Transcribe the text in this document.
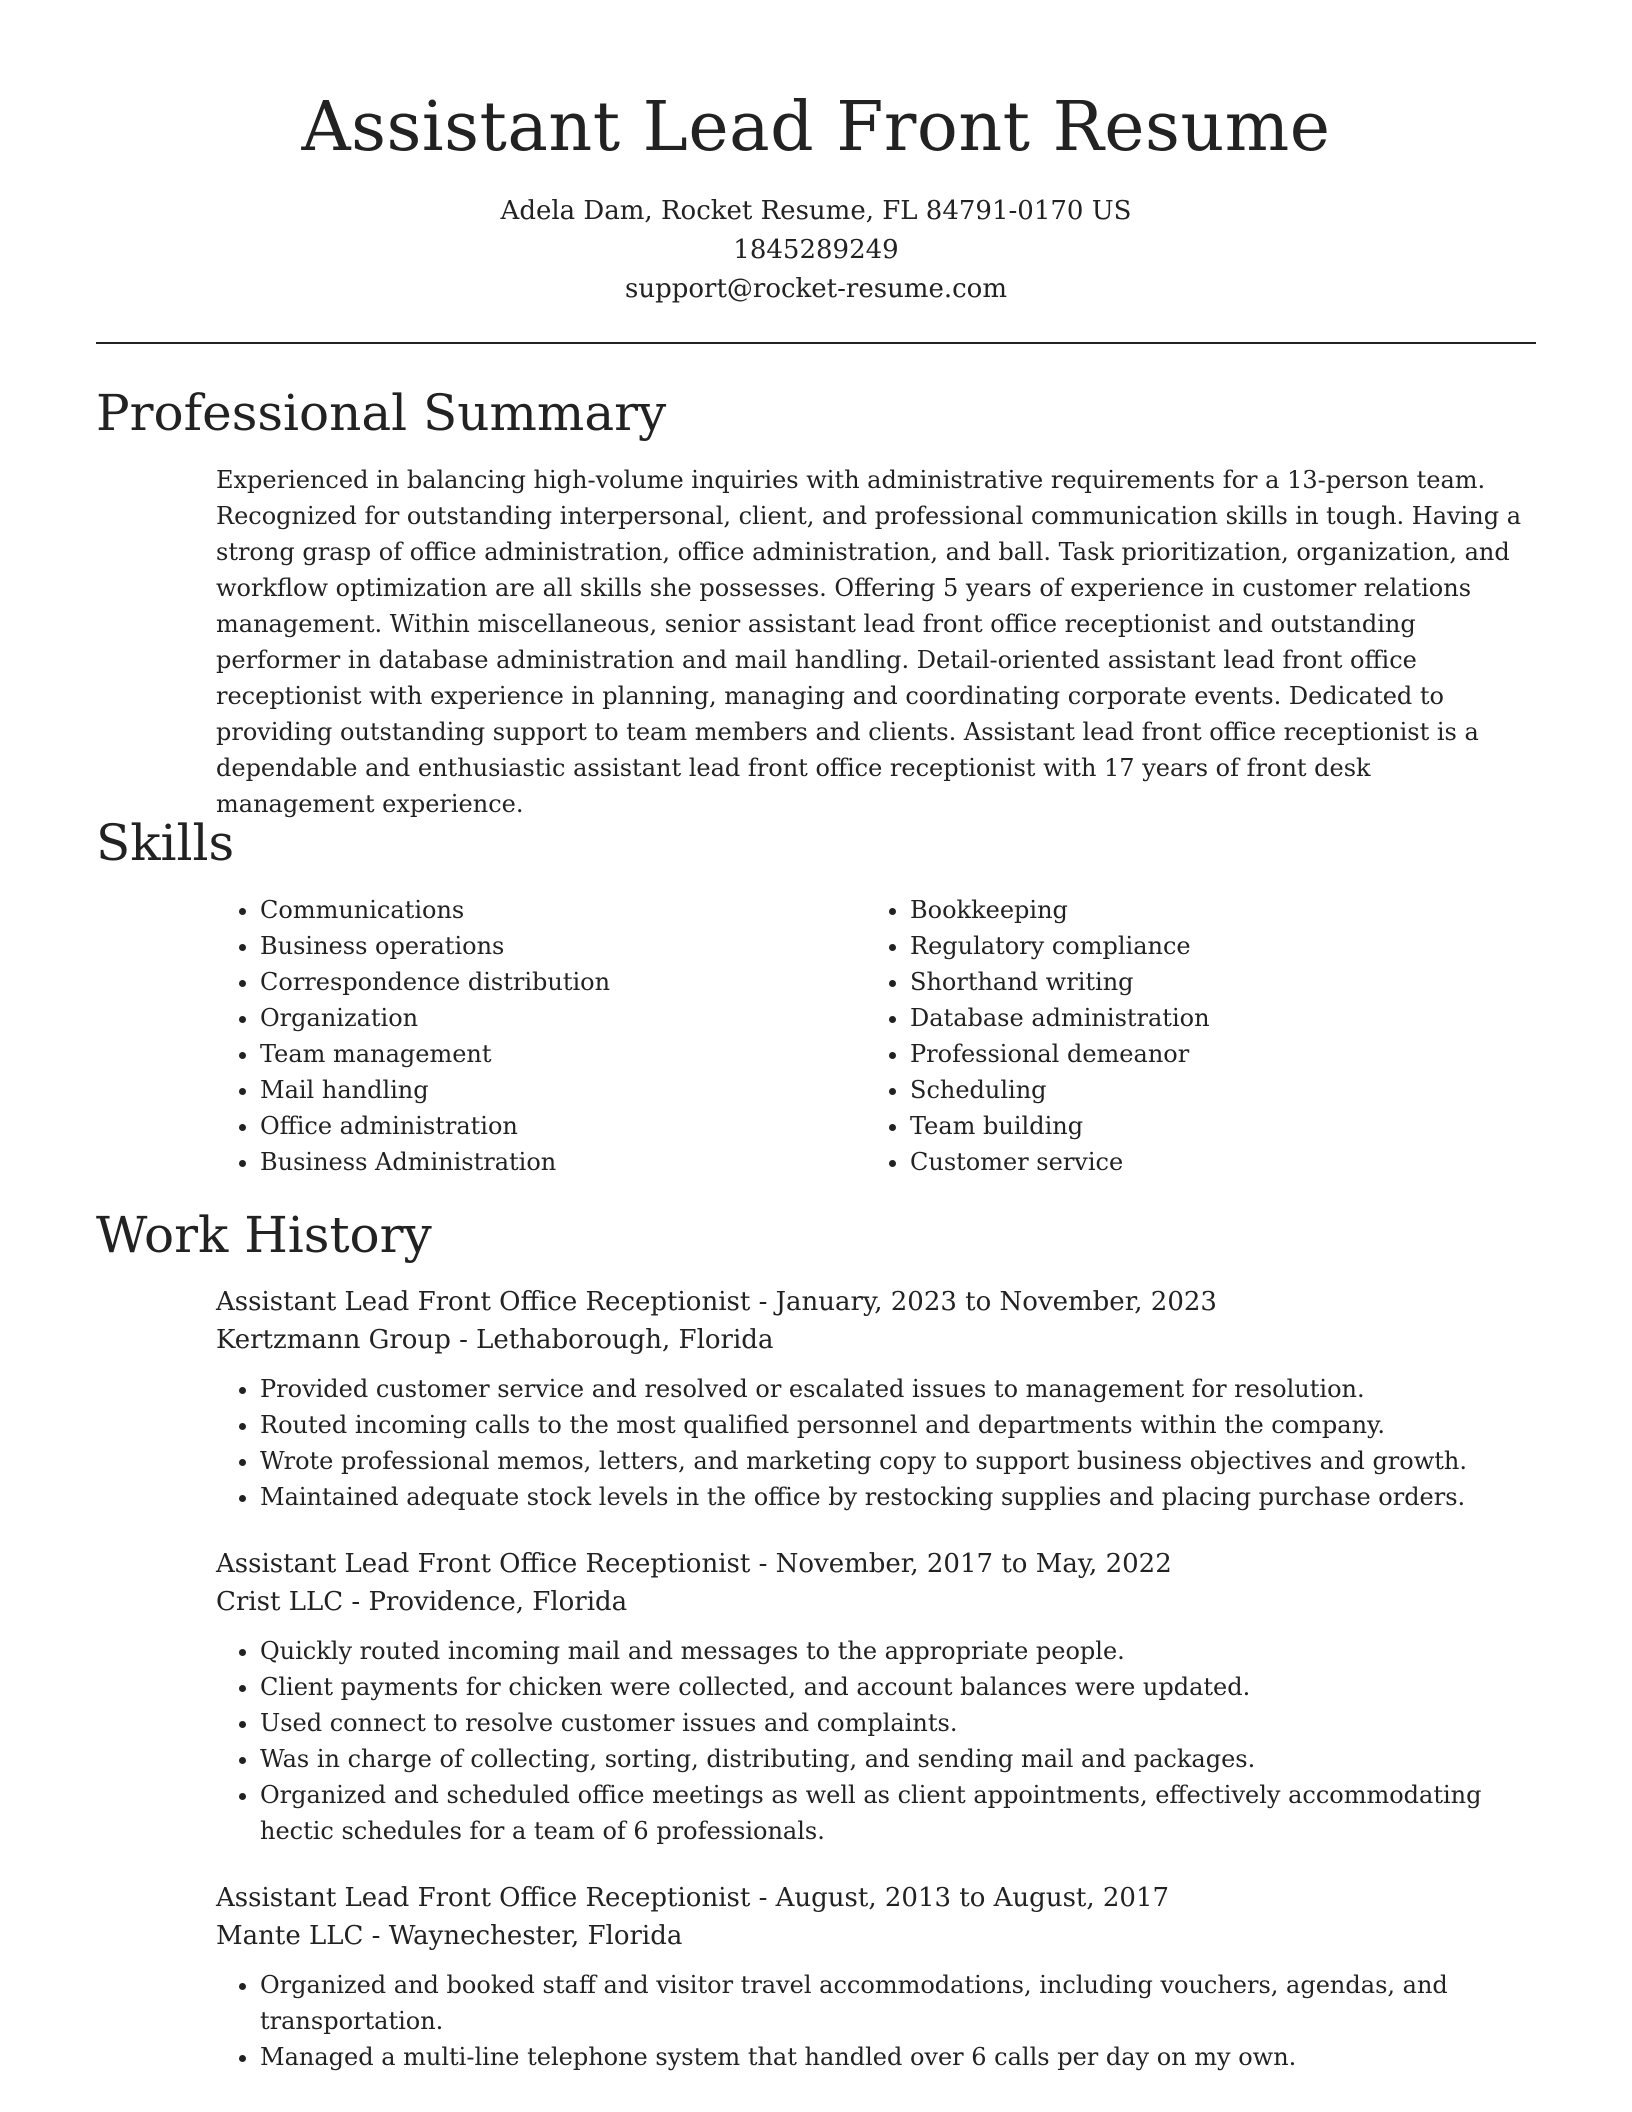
Assistant Lead Front Resume
Adela Dam, Rocket Resume, FL 84791-0170 US
1845289249
support@rocket-resume.com
Professional Summary

Experienced in balancing high-volume inquiries with administrative requirements for a 13-person team. Recognized for outstanding interpersonal, client, and professional communication skills in tough. Having a strong grasp of office administration, office administration, and ball. Task prioritization, organization, and workflow optimization are all skills she possesses. Offering 5 years of experience in customer relations management. Within miscellaneous, senior assistant lead front office receptionist and outstanding performer in database administration and mail handling. Detail-oriented assistant lead front office receptionist with experience in planning, managing and coordinating corporate events. Dedicated to providing outstanding support to team members and clients. Assistant lead front office receptionist is a dependable and enthusiastic assistant lead front office receptionist with 17 years of front desk management experience.

Skills
• Communications
• Business operations
• Correspondence distribution
• Organization
• Team management
• Mail handling
• Office administration
• Business Administration
• Bookkeeping
• Regulatory compliance
• Shorthand writing
• Database administration
• Professional demeanor
• Scheduling
• Team building
• Customer service
Work History

Assistant Lead Front Office Receptionist - January, 2023 to November, 2023

Kertzmann Group - Lethaborough, Florida

• Provided customer service and resolved or escalated issues to management for resolution.
• Routed incoming calls to the most qualified personnel and departments within the company.
• Wrote professional memos, letters, and marketing copy to support business objectives and growth.
• Maintained adequate stock levels in the office by restocking supplies and placing purchase orders.

Assistant Lead Front Office Receptionist - November, 2017 to May, 2022

Crist LLC - Providence, Florida

• Quickly routed incoming mail and messages to the appropriate people.
• Client payments for chicken were collected, and account balances were updated.
• Used connect to resolve customer issues and complaints.
• Was in charge of collecting, sorting, distributing, and sending mail and packages.
• Organized and scheduled office meetings as well as client appointments, effectively accommodating hectic schedules for a team of 6 professionals.

Assistant Lead Front Office Receptionist - August, 2013 to August, 2017

Mante LLC - Waynechester, Florida

• Organized and booked staff and visitor travel accommodations, including vouchers, agendas, and transportation.
• Managed a multi-line telephone system that handled over 6 calls per day on my own.
